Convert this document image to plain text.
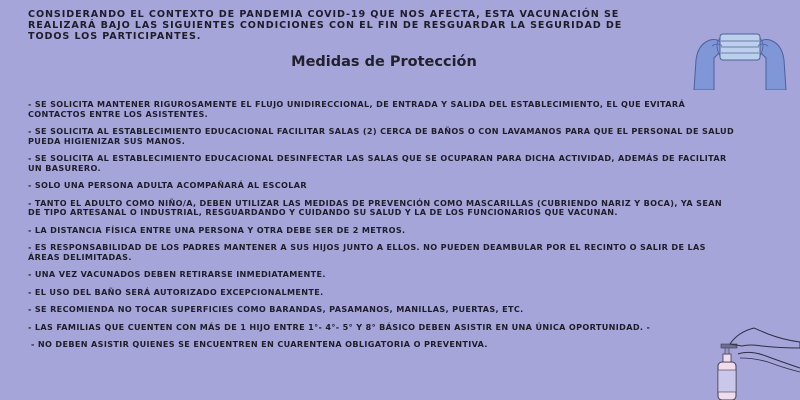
CONSIDERANDO EL CONTEXTO DE PANDEMIA COVID-19 QUE NOS AFECTA, ESTA VACUNACIÓN SE REALIZARÁ BAJO LAS SIGUIENTES CONDICIONES CON EL FIN DE RESGUARDAR LA SEGURIDAD DE TODOS LOS PARTICIPANTES.

Medidas de Protección
- SE SOLICITA MANTENER RIGUROSAMENTE EL FLUJO UNIDIRECCIONAL, DE ENTRADA Y SALIDA DEL ESTABLECIMIENTO, EL QUE EVITARÁ CONTACTOS ENTRE LOS ASISTENTES.
- SE SOLICITA AL ESTABLECIMIENTO EDUCACIONAL FACILITAR SALAS (2) CERCA DE BAÑOS O CON LAVAMANOS PARA QUE EL PERSONAL DE SALUD PUEDA HIGIENIZAR SUS MANOS.
- SE SOLICITA AL ESTABLECIMIENTO EDUCACIONAL DESINFECTAR LAS SALAS QUE SE OCUPARAN PARA DICHA ACTIVIDAD, ADEMÁS DE FACILITAR UN BASURERO.
- SOLO UNA PERSONA ADULTA ACOMPAÑARÁ AL ESCOLAR
- TANTO EL ADULTO COMO NIÑO/A, DEBEN UTILIZAR LAS MEDIDAS DE PREVENCIÓN COMO MASCARILLAS (CUBRIENDO NARIZ Y BOCA), YA SEAN DE TIPO ARTESANAL O INDUSTRIAL, RESGUARDANDO Y CUIDANDO SU SALUD Y LA DE LOS FUNCIONARIOS QUE VACUNAN.
- LA DISTANCIA FÍSICA ENTRE UNA PERSONA Y OTRA DEBE SER DE 2 METROS.
- ES RESPONSABILIDAD DE LOS PADRES MANTENER A SUS HIJOS JUNTO A ELLOS. NO PUEDEN DEAMBULAR POR EL RECINTO O SALIR DE LAS ÁREAS DELIMITADAS.
- UNA VEZ VACUNADOS DEBEN RETIRARSE INMEDIATAMENTE.
- EL USO DEL BAÑO SERÁ AUTORIZADO EXCEPCIONALMENTE.
- SE RECOMIENDA NO TOCAR SUPERFICIES COMO BARANDAS, PASAMANOS, MANILLAS, PUERTAS, ETC.
- LAS FAMILIAS QUE CUENTEN CON MÁS DE 1 HIJO ENTRE 1°- 4°- 5° Y 8° BÁSICO DEBEN ASISTIR EN UNA ÚNICA OPORTUNIDAD. -
- NO DEBEN ASISTIR QUIENES SE ENCUENTREN EN CUARENTENA OBLIGATORIA O PREVENTIVA.
